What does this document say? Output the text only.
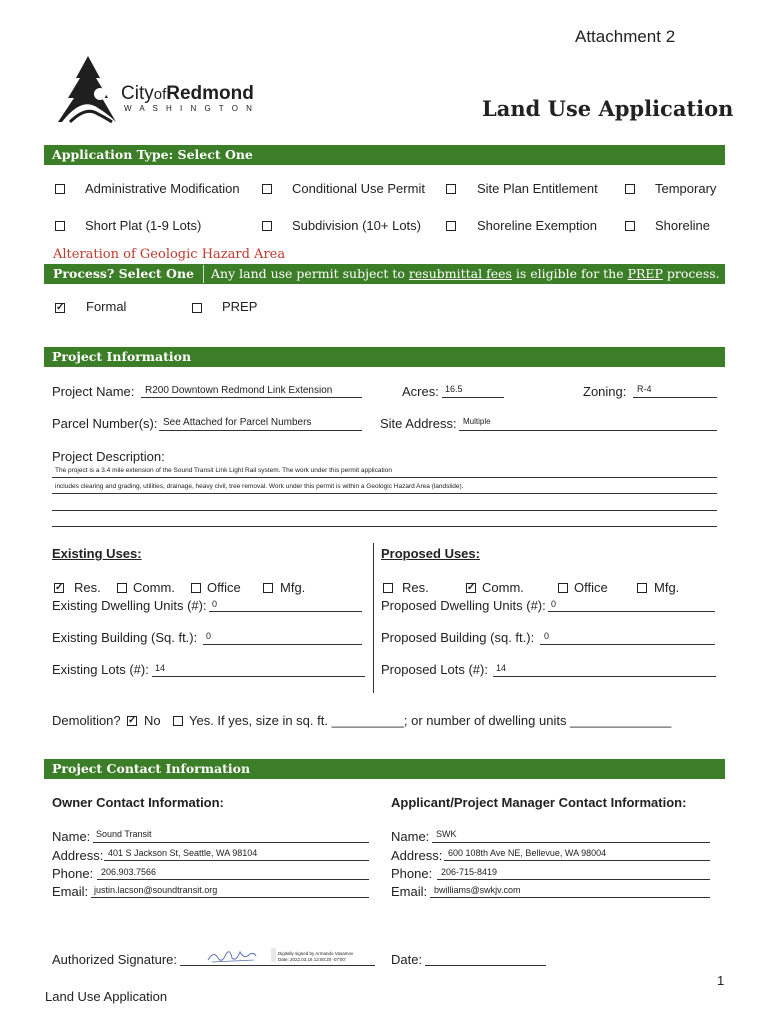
Attachment 2
CityofRedmond
W A S H I N G T O N	Land Use Application
Application Type: Select One
Administrative Modification	Conditional Use Permit	Site Plan Entitlement	Temporary
Short Plat (1-9 Lots)	Subdivision (10+ Lots)	Shoreline Exemption	Shoreline
Alteration of Geologic Hazard Area
Process? Select One Any land use permit subject to resubmittal fees is eligible for the PREP process.
✓ Formal	PREP
Project Information
Project Name: R200 Downtown Redmond Link Extension	Acres: 16.5	Zoning: R-4
Parcel Number(s): See Attached for Parcel Numbers	Site Address: Multiple
Project Description:
The project is a 3.4 mile extension of the Sound Transit Link Light Rail system. The work under this permit application
includes clearing and grading, utilities, drainage, heavy civil, tree removal. Work under this permit is within a Geologic Hazard Area (landslide).
Existing Uses:	Proposed Uses:
✓ Res. Comm. Office	Mfg.	Res.	✓ Comm.	Office	Mfg.
Existing Dwelling Units (#): 0	Proposed Dwelling Units (#): 0
Existing Building (Sq. ft.): 0	Proposed Building (sq. ft.): 0
Existing Lots (#): 14	Proposed Lots (#): 14
Demolition? ✓ No Yes. If yes, size in sq. ft. __________; or number of dwelling units ______________
Project Contact Information
Owner Contact Information:	Applicant/Project Manager Contact Information:
Name: Sound Transit
Address: 401 S Jackson St, Seattle, WA 98104
Phone: 206.903.7566
Email: justin.lacson@soundtransit.org
Name: SWK
Address: 600 108th Ave NE, Bellevue, WA 98004
Phone: 206-715-8419
Email: bwilliams@swkjv.com
Authorized Signature:	Digitally signed by Armando Vasamov
Date: 2022.03.16 12:50:20 -07'00'	Date:
1
Land Use Application
